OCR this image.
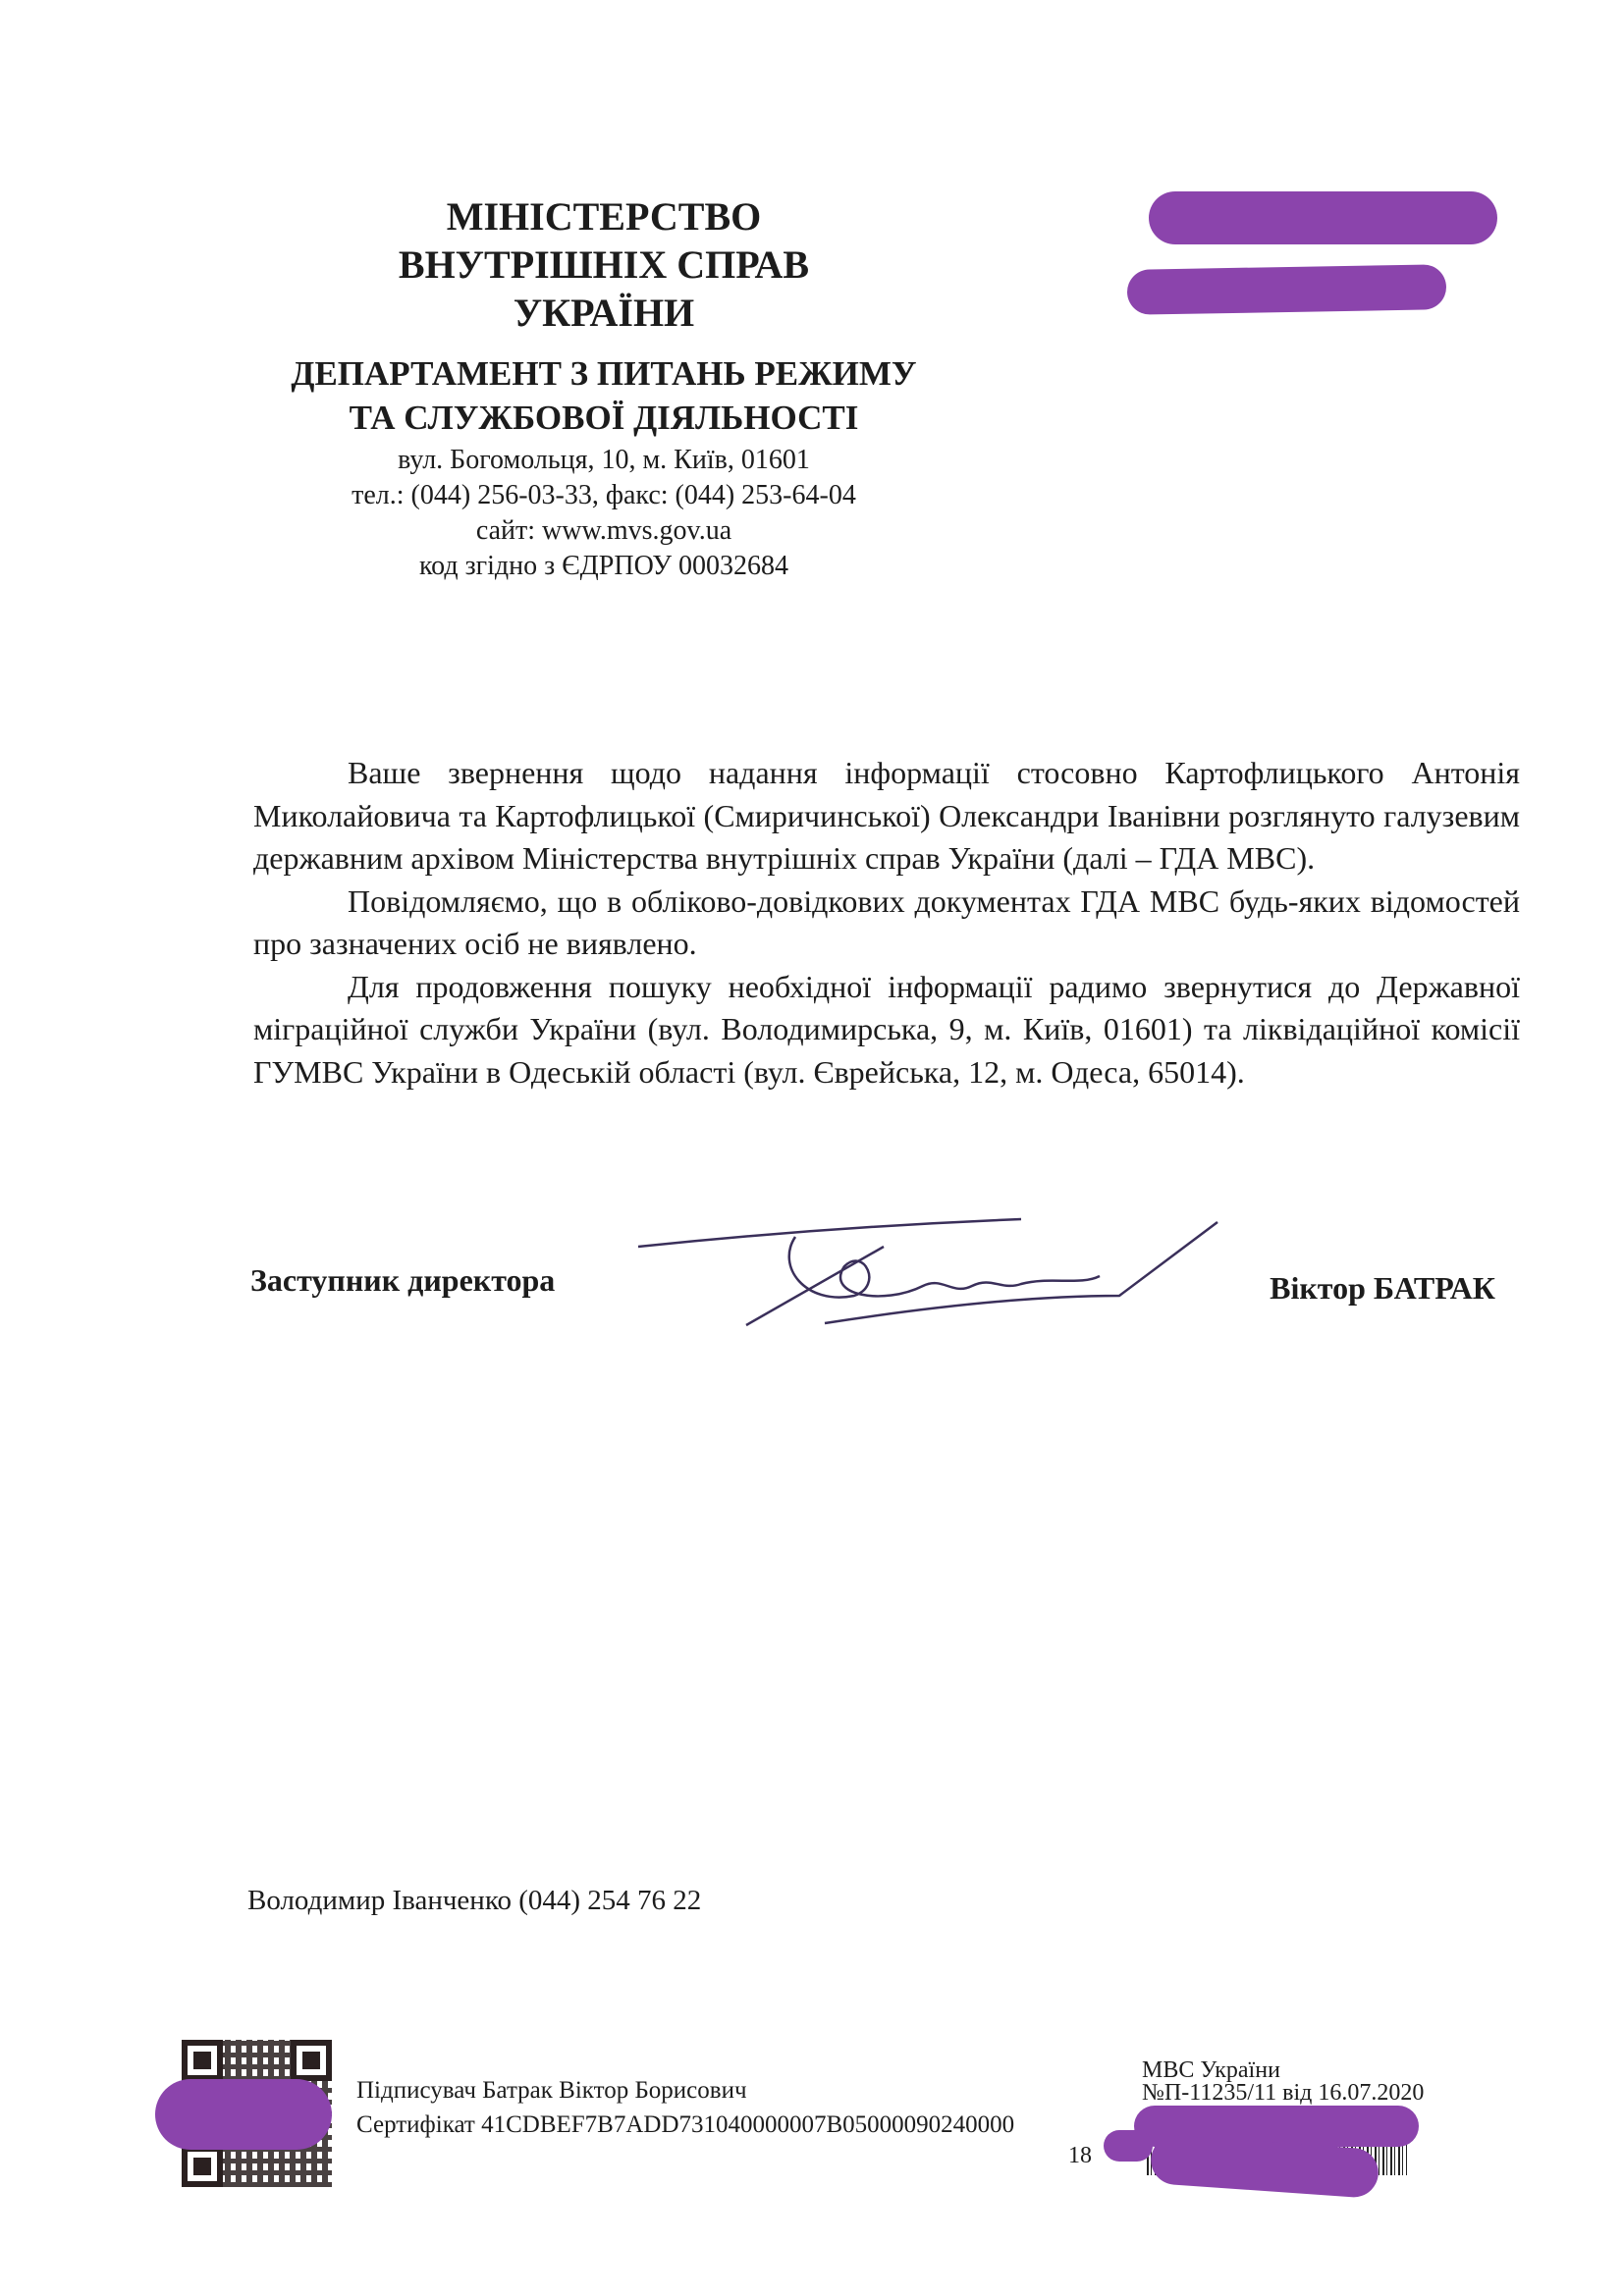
МІНІСТЕРСТВО
ВНУТРІШНІХ СПРАВ
УКРАЇНИ
ДЕПАРТАМЕНТ З ПИТАНЬ РЕЖИМУ
ТА СЛУЖБОВОЇ ДІЯЛЬНОСТІ
вул. Богомольця, 10, м. Київ, 01601
тел.: (044) 256-03-33, факс: (044) 253-64-04
сайт: www.mvs.gov.ua
код згідно з ЄДРПОУ 00032684

Ваше звернення щодо надання інформації стосовно Картофлицького Антонія Миколайовича та Картофлицької (Смиричинської) Олександри Іванівни розглянуто галузевим державним архівом Міністерства внутрішніх справ України (далі – ГДА МВС).

Повідомляємо, що в обліково-довідкових документах ГДА МВС будь-яких відомостей про зазначених осіб не виявлено.

Для продовження пошуку необхідної інформації радимо звернутися до Державної міграційної служби України (вул. Володимирська, 9, м. Київ, 01601) та ліквідаційної комісії ГУМВС України в Одеській області (вул. Єврейська, 12, м. Одеса, 65014).

Заступник директора	Віктор БАТРАК
Володимир Іванченко (044) 254 76 22
Підписувач Батрак Віктор Борисович
Сертифікат 41CDBEF7B7ADD731040000007B05000090240000
МВС України
№П-11235/11 від 16.07.2020
18
